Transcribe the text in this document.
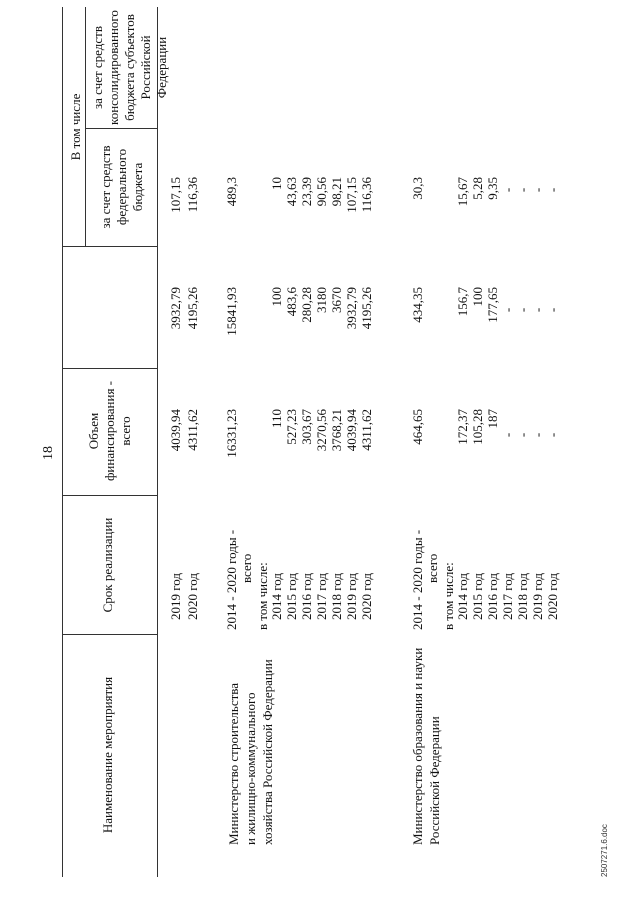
18
Наименование мероприятия
Срок реализации
Объем финансирования - всего
В том числе
за счет средств федерального бюджета
за счет средств консолидированного бюджета субъектов Российской Федерации
2019 год
4039,94
3932,79
107,15
2020 год
4311,62
4195,26
116,36
Министерство строительства и жилищно-коммунального хозяйства Российской Федерации
2014 - 2020 годы - всего
16331,23
15841,93
489,3
в том числе: 2014 год 2015 год 2016 год 2017 год 2018 год 2019 год 2020 год
110 527,23 303,67 3270,56 3768,21 4039,94 4311,62
100 483,6 280,28 3180 3670 3932,79 4195,26
10 43,63 23,39 90,56 98,21 107,15 116,36
Министерство образования и науки Российской Федерации
2014 - 2020 годы - всего
464,65
434,35
30,3
в том числе: 2014 год 2015 год 2016 год 2017 год 2018 год 2019 год 2020 год
172,37 105,28 187
- - - -
156,7 100 177,65 - - - -
15,67 5,28 9,35 - - - -
2507271.6.doc
